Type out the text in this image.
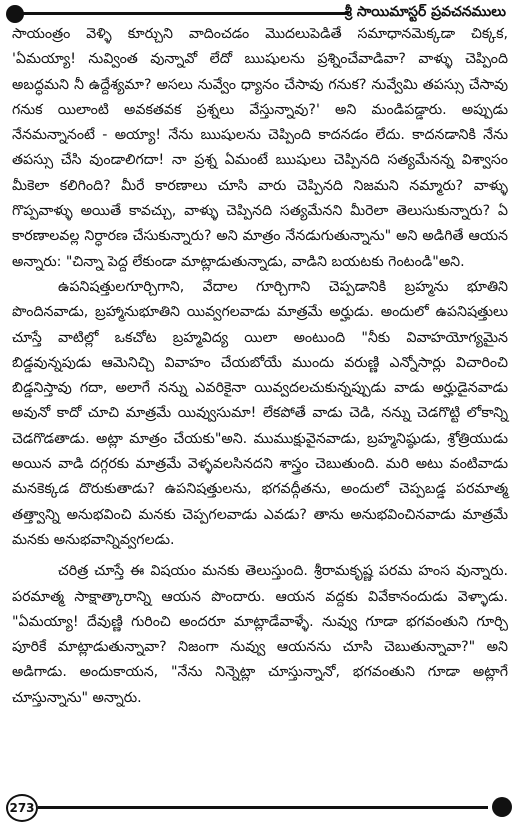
శ్రీ సాయిమాస్టర్ ప్రవచనములు

సాయంత్రం వెళ్ళి కూర్చుని వాదించడం మొదలుపెడితే సమాధానమెక్కడా చిక్కక, 'ఏమయ్యా! నువ్వింత వున్నావో లేదో ఋషులను ప్రశ్నించేవాడివా? వాళ్ళు చెప్పింది అబద్ధమని నీ ఉద్దేశ్యమా? అసలు నువ్వేం ధ్యానం చేసావు గనుక? నువ్వేమి తపస్సు చేసావు గనుక యిలాంటి అవకతవక ప్రశ్నలు వేస్తున్నావు?' అని మండిపడ్డారు. అప్పుడు నేనమన్నానంటే - అయ్యా! నేను ఋషులను చెప్పింది కాదనడం లేదు. కాదనడానికి నేను తపస్సు చేసి వుండాలిగదా! నా ప్రశ్న ఏమంటే ఋషులు చెప్పినది సత్యమేనన్న విశ్వాసం మీకెలా కలిగింది? మీరే కారణాలు చూసి వారు చెప్పినది నిజమని నమ్మారు? వాళ్ళు గొప్పవాళ్ళు అయితే కావచ్చు, వాళ్ళు చెప్పినది సత్యమేనని మీరెలా తెలుసుకున్నారు? ఏ కారణాలవల్ల నిర్ధారణ చేసుకున్నారు? అని మాత్రం నేనడుగుతున్నాను" అని అడిగితే ఆయన అన్నారు: "చిన్నా పెద్ద లేకుండా మాట్లాడుతున్నాడు, వాడిని బయటకు గెంటండి"అని.

ఉపనిషత్తులగూర్చిగాని, వేదాల గూర్చిగాని చెప్పడానికి బ్రహ్మను భూతిని పొందినవాడు, బ్రహ్మానుభూతిని యివ్వగలవాడు మాత్రమే అర్హుడు. అందులో ఉపనిషత్తులు చూస్తే వాటిల్లో ఒకచోట బ్రహ్మవిద్య యిలా అంటుంది "నీకు వివాహయోగ్యమైన బిడ్డవున్నపుడు ఆమెనిచ్చి వివాహం చేయబోయే ముందు వరుణ్ణి ఎన్నోసార్లు విచారించి బిడ్డనిస్తావు గదా, అలాగే నన్ను ఎవరికైనా యివ్వదలచుకున్నప్పుడు వాడు అర్హుడైనవాడు అవునో కాదో చూచి మాత్రమే యివ్వుసుమా! లేకపోతే వాడు చెడి, నన్ను చెడగొట్టి లోకాన్ని చెడగొడతాడు. అట్లా మాత్రం చేయకు"అని. ముముక్షువైనవాడు, బ్రహ్మనిష్ఠుడు, శ్రోత్రియుడు అయిన వాడి దగ్గరకు మాత్రమే వెళ్ళవలసినదని శాస్త్రం చెబుతుంది. మరి అటు వంటివాడు మనకెక్కడ దొరుకుతాడు? ఉపనిషత్తులను, భగవద్గీతను, అందులో చెప్పబడ్డ పరమాత్మ తత్త్వాన్ని అనుభవించి మనకు చెప్పగలవాడు ఎవడు? తాను అనుభవించినవాడు మాత్రమే మనకు అనుభవాన్నివ్వగలడు.

చరిత్ర చూస్తే ఈ విషయం మనకు తెలుస్తుంది. శ్రీరామకృష్ణ పరమ హంస వున్నారు. పరమాత్మ సాక్షాత్కారాన్ని ఆయన పొందారు. ఆయన వద్దకు వివేకానందుడు వెళ్ళాడు. "ఏమయ్యా! దేవుణ్ణి గురించి అందరూ మాట్లాడేవాళ్ళే. నువ్వు గూడా భగవంతుని గూర్చి పూరికే మాట్లాడుతున్నావా? నిజంగా నువ్వు ఆయనను చూసి చెబుతున్నావా?" అని అడిగాడు. అందుకాయన, "నేను నిన్నెట్లా చూస్తున్నానో, భగవంతుని గూడా అట్లాగే చూస్తున్నాను" అన్నారు.

273
